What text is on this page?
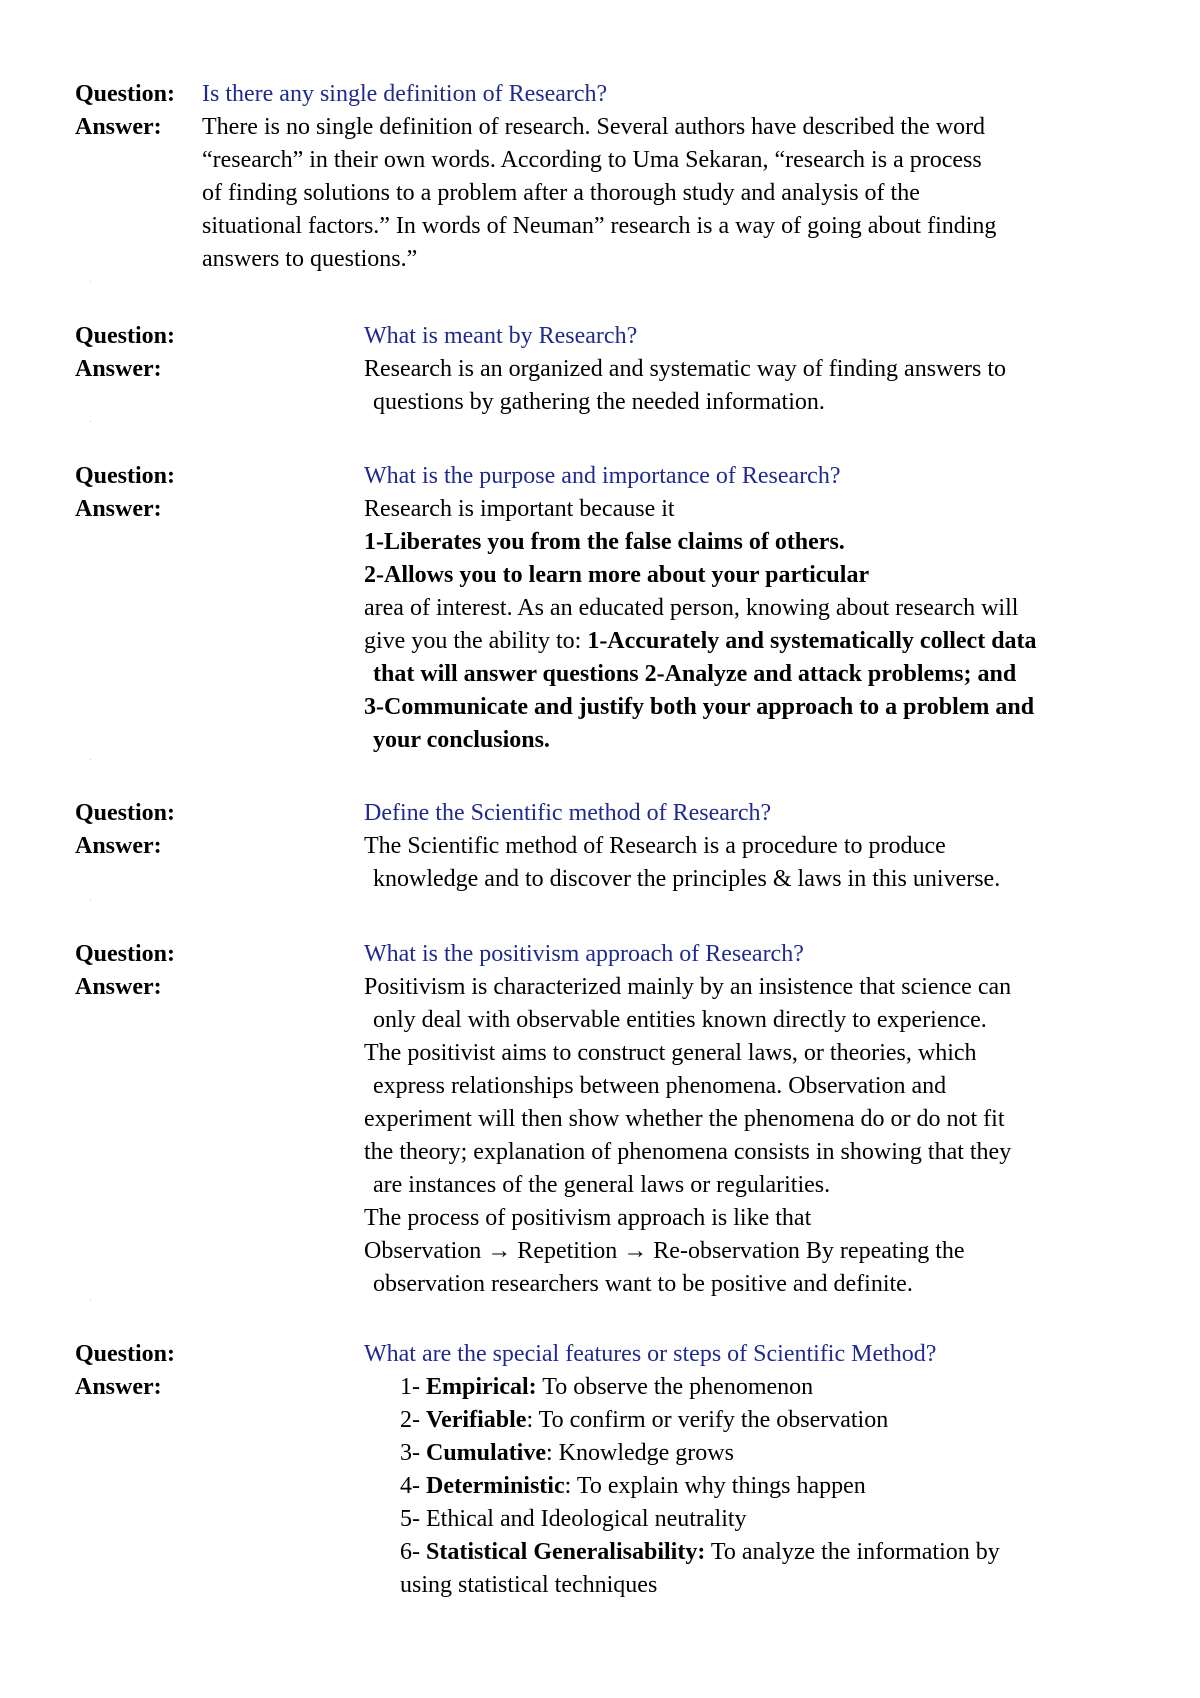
Question:	Is there any single definition of Research?
Answer:	There is no single definition of research. Several authors have described the word

“research” in their own words. According to Uma Sekaran, “research is a process

of finding solutions to a problem after a thorough study and analysis of the

situational factors.” In words of Neuman” research is a way of going about finding

answers to questions.”

Question:	What is meant by Research?
Answer:	Research is an organized and systematic way of finding answers to

questions by gathering the needed information.

Question:	What is the purpose and importance of Research?
Answer:	Research is important because it

1-Liberates you from the false claims of others.

2-Allows you to learn more about your particular

area of interest. As an educated person, knowing about research will

give you the ability to: 1-Accurately and systematically collect data

that will answer questions 2-Analyze and attack problems; and

3-Communicate and justify both your approach to a problem and

your conclusions.

Question:	Define the Scientific method of Research?
Answer:	The Scientific method of Research is a procedure to produce

knowledge and to discover the principles & laws in this universe.

Question:	What is the positivism approach of Research?
Answer:	Positivism is characterized mainly by an insistence that science can

only deal with observable entities known directly to experience.

The positivist aims to construct general laws, or theories, which

express relationships between phenomena. Observation and

experiment will then show whether the phenomena do or do not fit

the theory; explanation of phenomena consists in showing that they

are instances of the general laws or regularities.

The process of positivism approach is like that

Observation → Repetition → Re-observation By repeating the

observation researchers want to be positive and definite.

Question:	What are the special features or steps of Scientific Method?
Answer:	1- Empirical: To observe the phenomenon

2- Verifiable: To confirm or verify the observation

3- Cumulative: Knowledge grows

4- Deterministic: To explain why things happen

5- Ethical and Ideological neutrality

6- Statistical Generalisability: To analyze the information by

using statistical techniques
